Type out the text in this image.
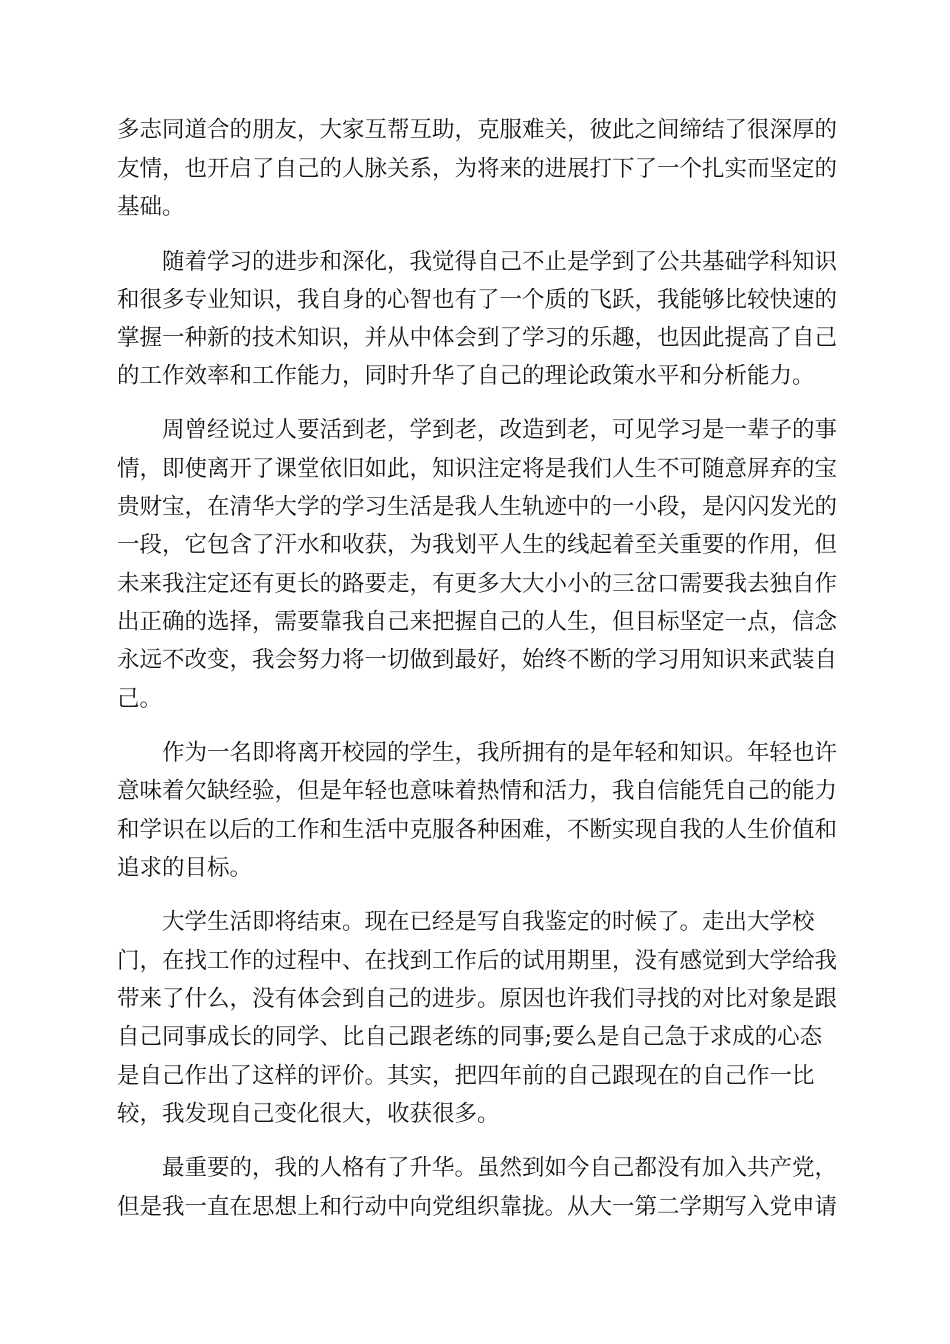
多志同道合的朋友，大家互帮互助，克服难关，彼此之间缔结了很深厚的
友情，也开启了自己的人脉关系，为将来的进展打下了一个扎实而坚定的
基础。
随着学习的进步和深化，我觉得自己不止是学到了公共基础学科知识
和很多专业知识，我自身的心智也有了一个质的飞跃，我能够比较快速的
掌握一种新的技术知识，并从中体会到了学习的乐趣，也因此提高了自己
的工作效率和工作能力，同时升华了自己的理论政策水平和分析能力。
周曾经说过人要活到老，学到老，改造到老，可见学习是一辈子的事
情，即使离开了课堂依旧如此，知识注定将是我们人生不可随意屏弃的宝
贵财宝，在清华大学的学习生活是我人生轨迹中的一小段，是闪闪发光的
一段，它包含了汗水和收获，为我划平人生的线起着至关重要的作用，但
未来我注定还有更长的路要走，有更多大大小小的三岔口需要我去独自作
出正确的选择，需要靠我自己来把握自己的人生，但目标坚定一点，信念
永远不改变，我会努力将一切做到最好，始终不断的学习用知识来武装自
己。
作为一名即将离开校园的学生，我所拥有的是年轻和知识。年轻也许
意味着欠缺经验，但是年轻也意味着热情和活力，我自信能凭自己的能力
和学识在以后的工作和生活中克服各种困难，不断实现自我的人生价值和
追求的目标。
大学生活即将结束。现在已经是写自我鉴定的时候了。走出大学校
门，在找工作的过程中、在找到工作后的试用期里，没有感觉到大学给我
带来了什么，没有体会到自己的进步。原因也许我们寻找的对比对象是跟
自己同事成长的同学、比自己跟老练的同事;要么是自己急于求成的心态
是自己作出了这样的评价。其实，把四年前的自己跟现在的自己作一比
较，我发现自己变化很大，收获很多。
最重要的，我的人格有了升华。虽然到如今自己都没有加入共产党，
但是我一直在思想上和行动中向党组织靠拢。从大一第二学期写入党申请
